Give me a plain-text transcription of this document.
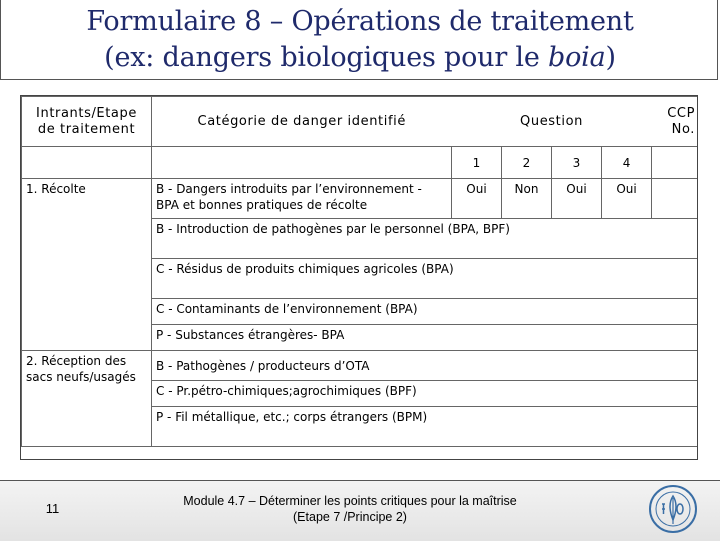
Formulaire 8 – Opérations de traitement
(ex: dangers biologiques pour le boia)
Intrants/Etape de traitement	Catégorie de danger identifié	Question				CCP No.
		1	2	3	4	
1. Récolte	B - Dangers introduits par l’environnement - BPA et bonnes pratiques de récolte	Oui	Non	Oui	Oui	
	B - Introduction de pathogènes par le personnel (BPA, BPF)					
	C - Résidus de produits chimiques agricoles (BPA)					
	C - Contaminants de l’environnement (BPA)					
	P - Substances étrangères- BPA					
2. Réception des sacs neufs/usagés	B - Pathogènes / producteurs d’OTA					
	C - Pr.pétro-chimiques;agrochimiques (BPF)					
	P - Fil métallique, etc.; corps étrangers (BPM)					
11	Module 4.7 – Déterminer les points critiques pour la maîtrise
(Etape 7 /Principe 2)
